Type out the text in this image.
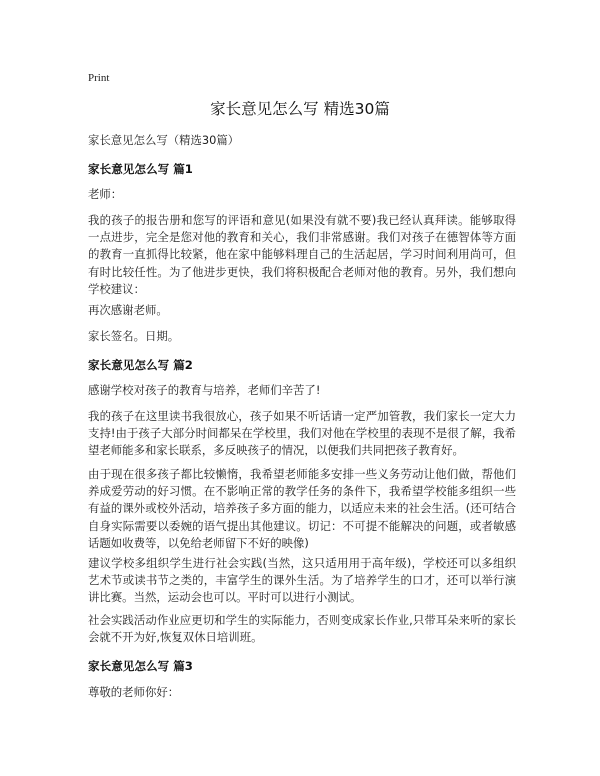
Print
家长意见怎么写 精选30篇
家长意见怎么写（精选30篇）
家长意见怎么写 篇1
老师：
我的孩子的报告册和您写的评语和意见(如果没有就不要)我已经认真拜读。能够取得一点进步，完全是您对他的教育和关心，我们非常感谢。我们对孩子在德智体等方面的教育一直抓得比较紧，他在家中能够料理自己的生活起居，学习时间利用尚可，但有时比较任性。为了他进步更快，我们将积极配合老师对他的教育。另外，我们想向学校建议：
再次感谢老师。
家长签名。日期。
家长意见怎么写 篇2
感谢学校对孩子的教育与培养，老师们辛苦了!
我的孩子在这里读书我很放心，孩子如果不听话请一定严加管教，我们家长一定大力支持!由于孩子大部分时间都呆在学校里，我们对他在学校里的表现不是很了解，我希望老师能多和家长联系，多反映孩子的情况，以便我们共同把孩子教育好。
由于现在很多孩子都比较懒惰，我希望老师能多安排一些义务劳动让他们做，帮他们养成爱劳动的好习惯。在不影响正常的教学任务的条件下，我希望学校能多组织一些有益的课外或校外活动，培养孩子多方面的能力，以适应未来的社会生活。(还可结合自身实际需要以委婉的语气提出其他建议。切记：不可提不能解决的问题，或者敏感话题如收费等，以免给老师留下不好的映像)
建议学校多组织学生进行社会实践(当然，这只适用用于高年级)，学校还可以多组织艺术节或读书节之类的，丰富学生的课外生活。为了培养学生的口才，还可以举行演讲比赛。当然，运动会也可以。平时可以进行小测试。
社会实践活动作业应更切和学生的实际能力，否则变成家长作业,只带耳朵来听的家长会就不开为好,恢复双休日培训班。
家长意见怎么写 篇3
尊敬的老师你好：
